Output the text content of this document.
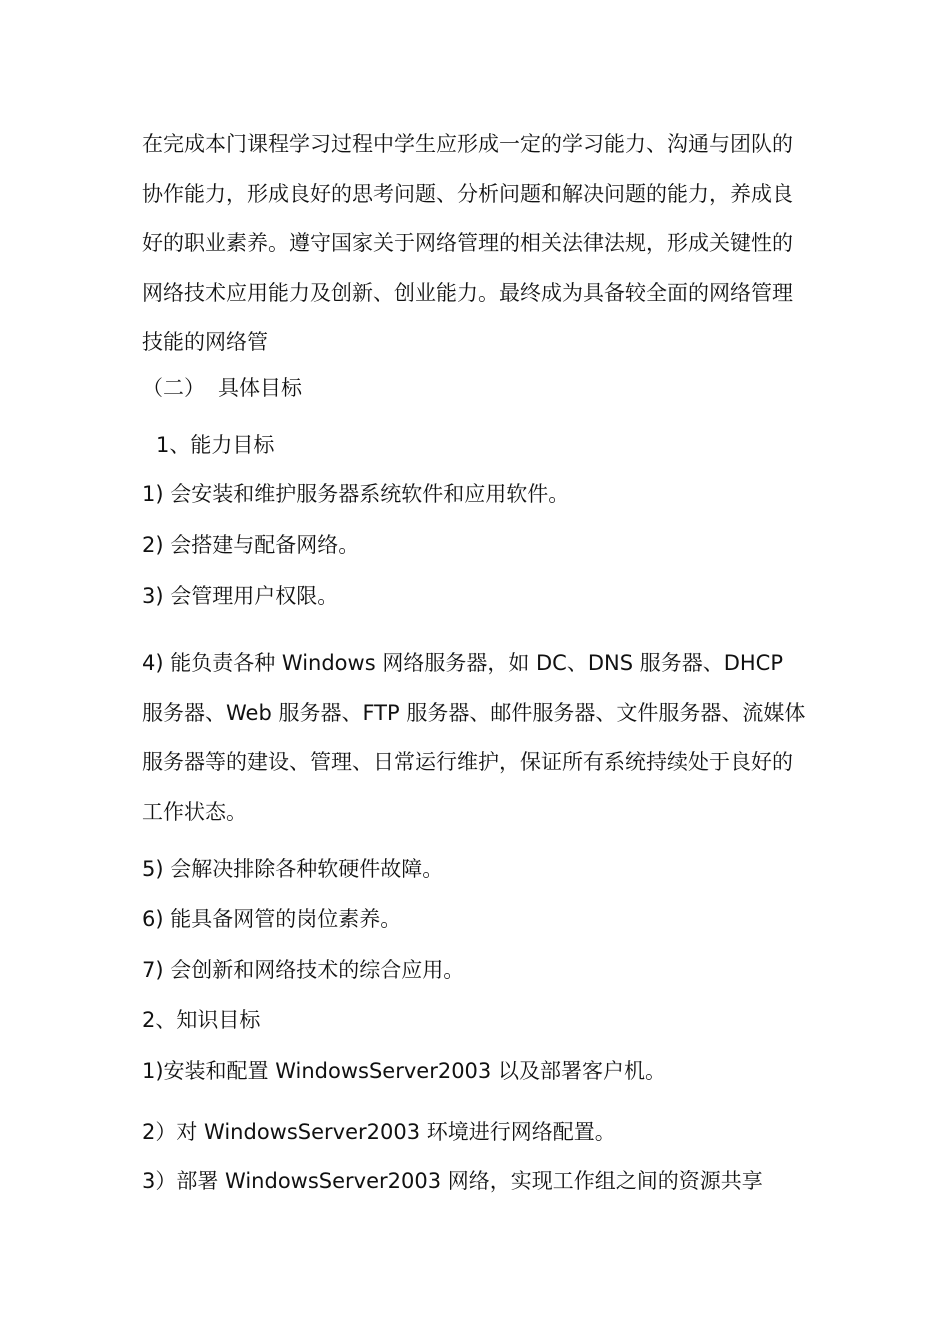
在完成本门课程学习过程中学生应形成一定的学习能力、沟通与团队的协作能力，形成良好的思考问题、分析问题和解决问题的能力，养成良好的职业素养。遵守国家关于网络管理的相关法律法规，形成关键性的网络技术应用能力及创新、创业能力。最终成为具备较全面的网络管理技能的网络管

（二） 具体目标

1、能力目标

1) 会安装和维护服务器系统软件和应用软件。

2) 会搭建与配备网络。

3) 会管理用户权限。

4) 能负责各种 Windows 网络服务器，如 DC、DNS 服务器、DHCP 服务器、Web 服务器、FTP 服务器、邮件服务器、文件服务器、流媒体服务器等的建设、管理、日常运行维护，保证所有系统持续处于良好的工作状态。

5) 会解决排除各种软硬件故障。

6) 能具备网管的岗位素养。

7) 会创新和网络技术的综合应用。

2、知识目标

1)安装和配置 WindowsServer2003 以及部署客户机。

2）对 WindowsServer2003 环境进行网络配置。

3）部署 WindowsServer2003 网络，实现工作组之间的资源共享
